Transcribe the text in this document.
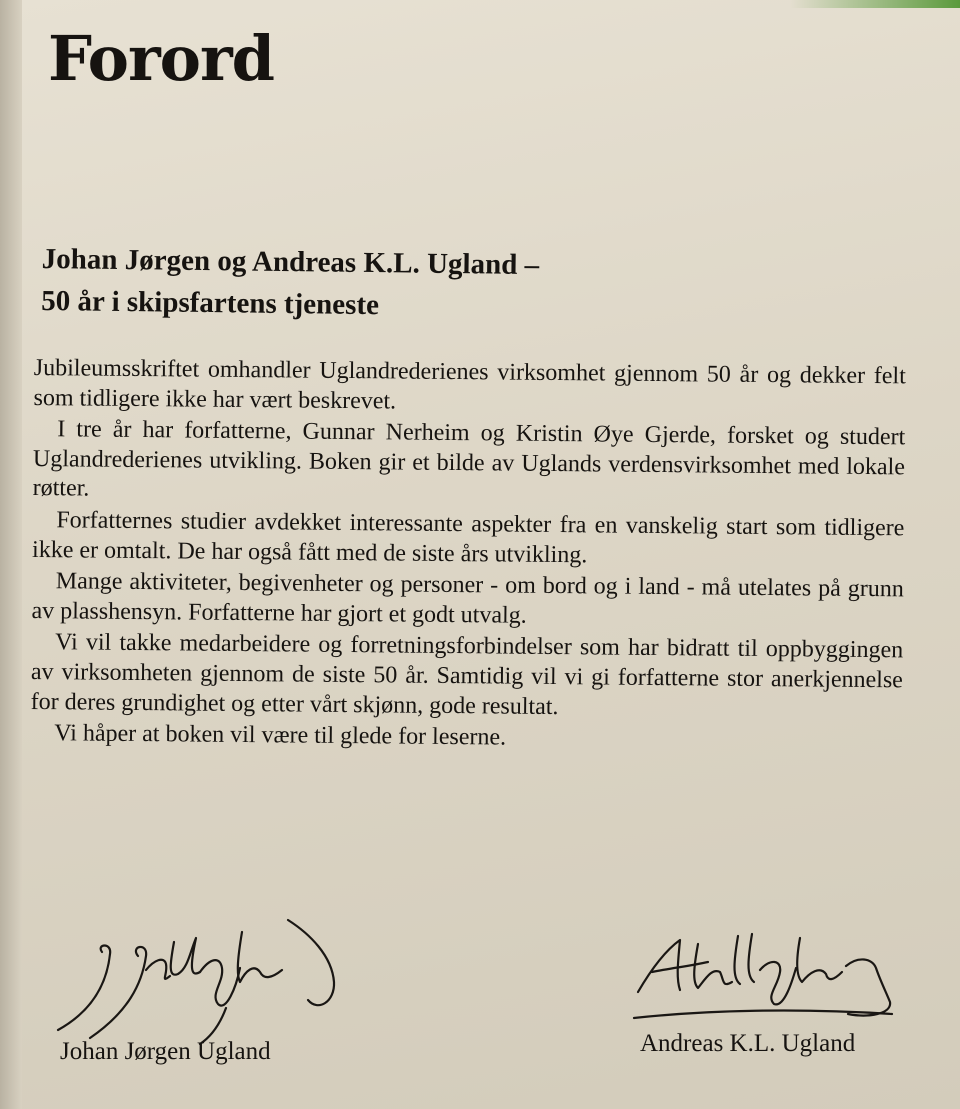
Forord
Johan Jørgen og Andreas K.L. Ugland –
50 år i skipsfartens tjeneste

Jubileumsskriftet omhandler Uglandrederienes virksomhet gjennom 50 år og dekker felt som tidligere ikke har vært beskrevet.

I tre år har forfatterne, Gunnar Nerheim og Kristin Øye Gjerde, forsket og studert Uglandrederienes utvikling. Boken gir et bilde av Uglands verdensvirksomhet med lokale røtter.

Forfatternes studier avdekket interessante aspekter fra en vanskelig start som tidligere ikke er omtalt. De har også fått med de siste års utvikling.

Mange aktiviteter, begivenheter og personer - om bord og i land - må utelates på grunn av plasshensyn. Forfatterne har gjort et godt utvalg.

Vi vil takke medarbeidere og forretningsforbindelser som har bidratt til oppbyggingen av virksomheten gjennom de siste 50 år. Samtidig vil vi gi forfatterne stor anerkjennelse for deres grundighet og etter vårt skjønn, gode resultat.

Vi håper at boken vil være til glede for leserne.

Johan Jørgen Ugland	Andreas K.L. Ugland
